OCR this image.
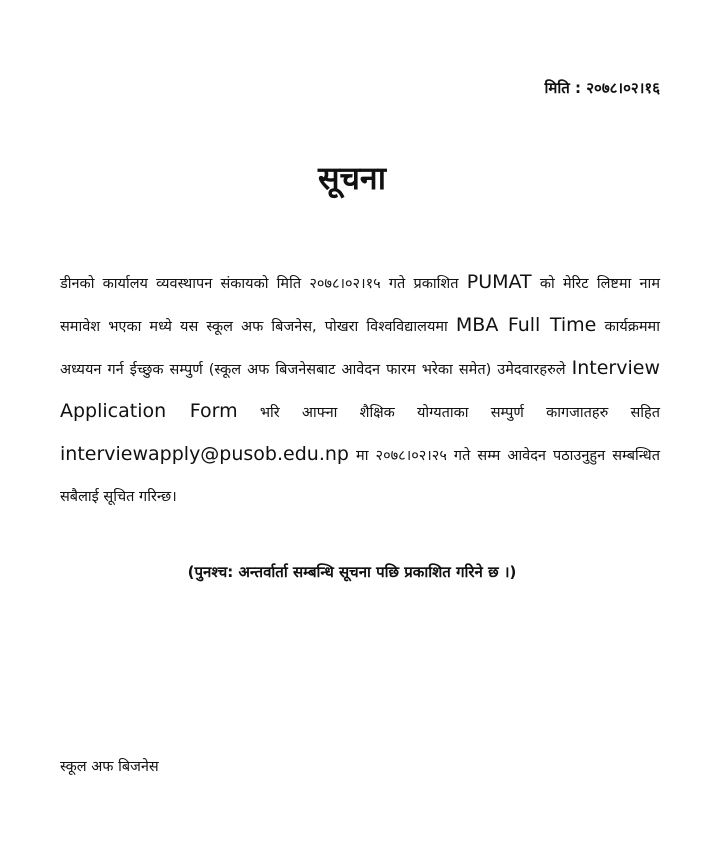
मिति : २०७८।०२।१६
सूचना

डीनको कार्यालय व्यवस्थापन संकायको मिति २०७८।०२।१५ गते प्रकाशित PUMAT को मेरिट लिष्टमा नाम समावेश भएका मध्ये यस स्कूल अफ बिजनेस, पोखरा विश्वविद्यालयमा MBA Full Time कार्यक्रममा अध्ययन गर्न ईच्छुक सम्पुर्ण (स्कूल अफ बिजनेसबाट आवेदन फारम भरेका समेत) उमेदवारहरुले Interview Application Form भरि आफ्ना शैक्षिक योग्यताका सम्पुर्ण कागजातहरु सहित interviewapply@pusob.edu.np मा २०७८।०२।२५ गते सम्म आवेदन पठाउनुहुन सम्बन्धित सबैलाई सूचित गरिन्छ।

(पुनश्च: अन्तर्वार्ता सम्बन्धि सूचना पछि प्रकाशित गरिने छ ।)
स्कूल अफ बिजनेस
